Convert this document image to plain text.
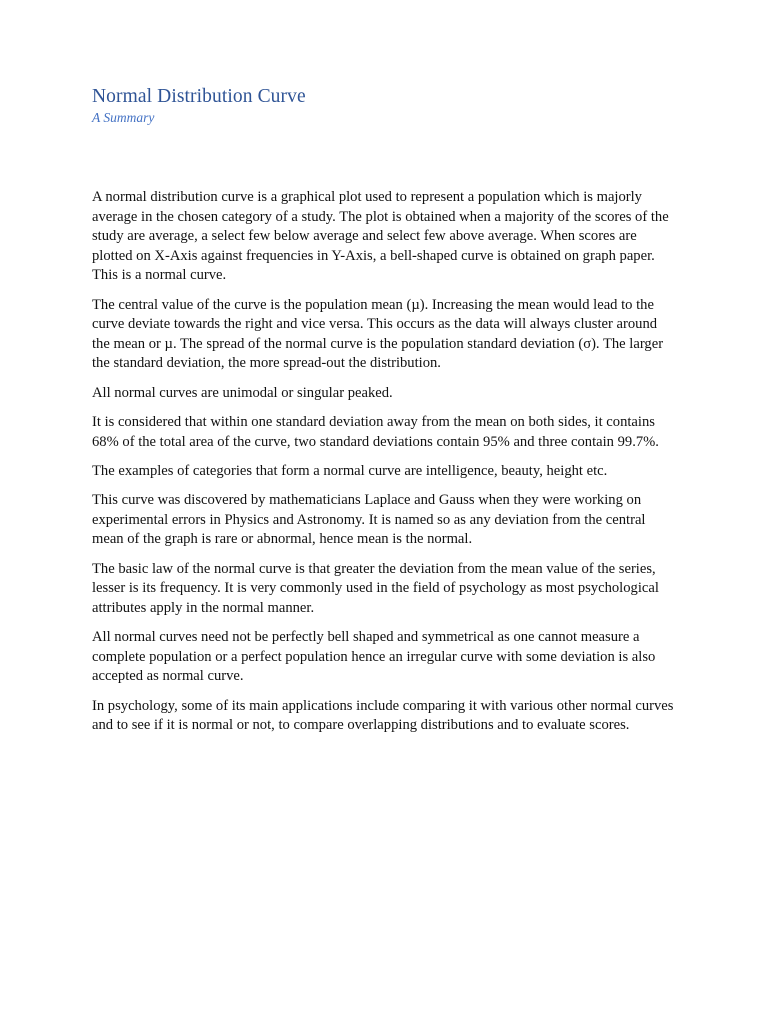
Normal Distribution Curve
A Summary

A normal distribution curve is a graphical plot used to represent a population which is majorly average in the chosen category of a study. The plot is obtained when a majority of the scores of the study are average, a select few below average and select few above average. When scores are plotted on X-Axis against frequencies in Y-Axis, a bell-shaped curve is obtained on graph paper. This is a normal curve.

The central value of the curve is the population mean (µ). Increasing the mean would lead to the curve deviate towards the right and vice versa. This occurs as the data will always cluster around the mean or µ. The spread of the normal curve is the population standard deviation (σ). The larger the standard deviation, the more spread-out the distribution.

All normal curves are unimodal or singular peaked.

It is considered that within one standard deviation away from the mean on both sides, it contains 68% of the total area of the curve, two standard deviations contain 95% and three contain 99.7%.

The examples of categories that form a normal curve are intelligence, beauty, height etc.

This curve was discovered by mathematicians Laplace and Gauss when they were working on experimental errors in Physics and Astronomy. It is named so as any deviation from the central mean of the graph is rare or abnormal, hence mean is the normal.

The basic law of the normal curve is that greater the deviation from the mean value of the series, lesser is its frequency. It is very commonly used in the field of psychology as most psychological attributes apply in the normal manner.

All normal curves need not be perfectly bell shaped and symmetrical as one cannot measure a complete population or a perfect population hence an irregular curve with some deviation is also accepted as normal curve.

In psychology, some of its main applications include comparing it with various other normal curves and to see if it is normal or not, to compare overlapping distributions and to evaluate scores.
